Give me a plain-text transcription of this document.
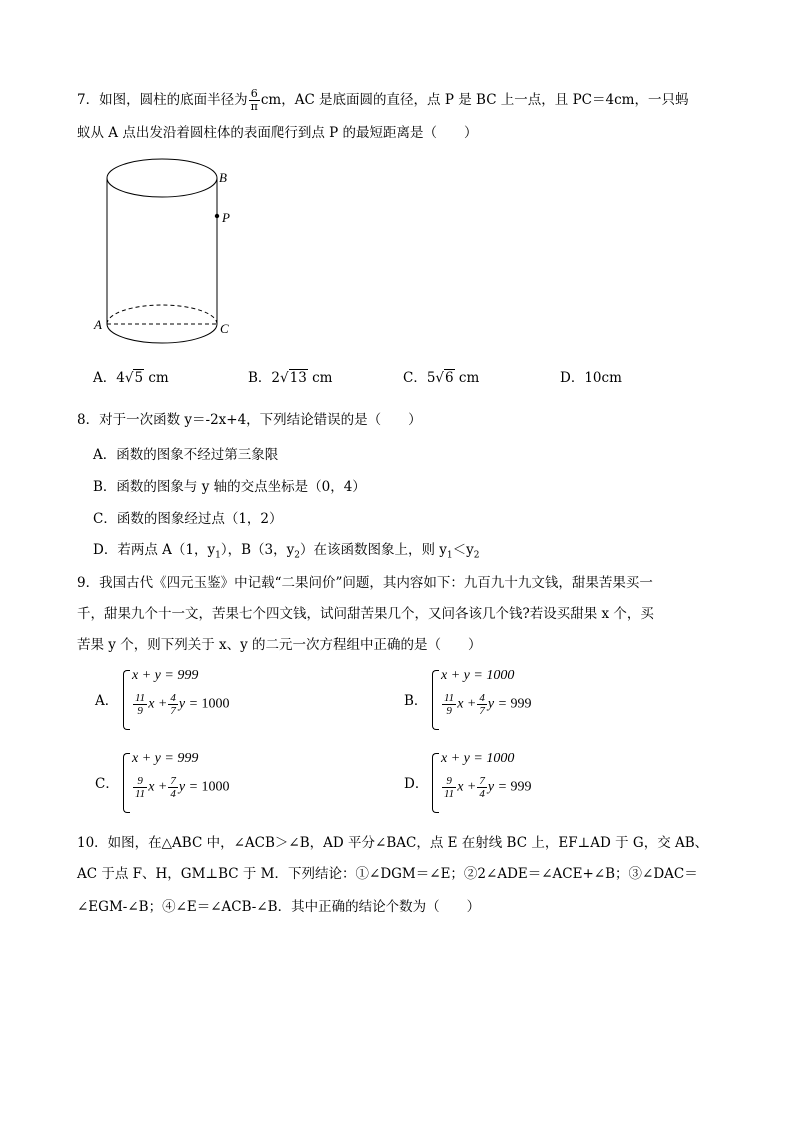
7．如图，圆柱的底面半径为 $\frac{6}{\pi}$ cm，AC 是底面圆的直径，点 P 是 BC 上一点，且 PC＝4cm，一只蚂
蚁从 A 点出发沿着圆柱体的表面爬行到点 P 的最短距离是（　　）
B
P
A	C
A．4√5 cm	B．2√13 cm	C．5√6 cm	D．10cm
8．对于一次函数 y＝-2x+4，下列结论错误的是（　　）
A．函数的图象不经过第三象限
B．函数的图象与 y 轴的交点坐标是（0，4）
C．函数的图象经过点（1，2）
D．若两点 A（1，$y_1$），B（3，$y_2$）在该函数图象上，则 $y_1<y_2$
9．我国古代《四元玉鉴》中记载“二果问价”问题，其内容如下：九百九十九文钱，甜果苦果买一
千，甜果九个十一文，苦果七个四文钱，试问甜苦果几个，又问各该几个钱?若设买甜果 x 个，买
苦果 y 个，则下列关于 x、y 的二元一次方程组中正确的是（　　）
A．
x + y = 999
$\frac{11}{9}$ $x + \frac{4}{7}$ y = 1000	B．
x + y = 1000
$\frac{11}{9}$ $x + \frac{4}{7}$ y = 999
C．
x + y = 999
$\frac{9}{11}$ $x + \frac{7}{4}$ y = 1000	D．
x + y = 1000
$\frac{9}{11}$ $x + \frac{7}{4}$ y = 999
10．如图，在△ABC 中，∠ACB＞∠B，AD 平分∠BAC，点 E 在射线 BC 上，EF⊥AD 于 G，交 AB、
AC 于点 F、H，GM⊥BC 于 M．下列结论：①∠DGM＝∠E；②2∠ADE＝∠ACE+∠B；③∠DAC＝
∠EGM-∠B；④∠E＝∠ACB-∠B．其中正确的结论个数为（　　）
